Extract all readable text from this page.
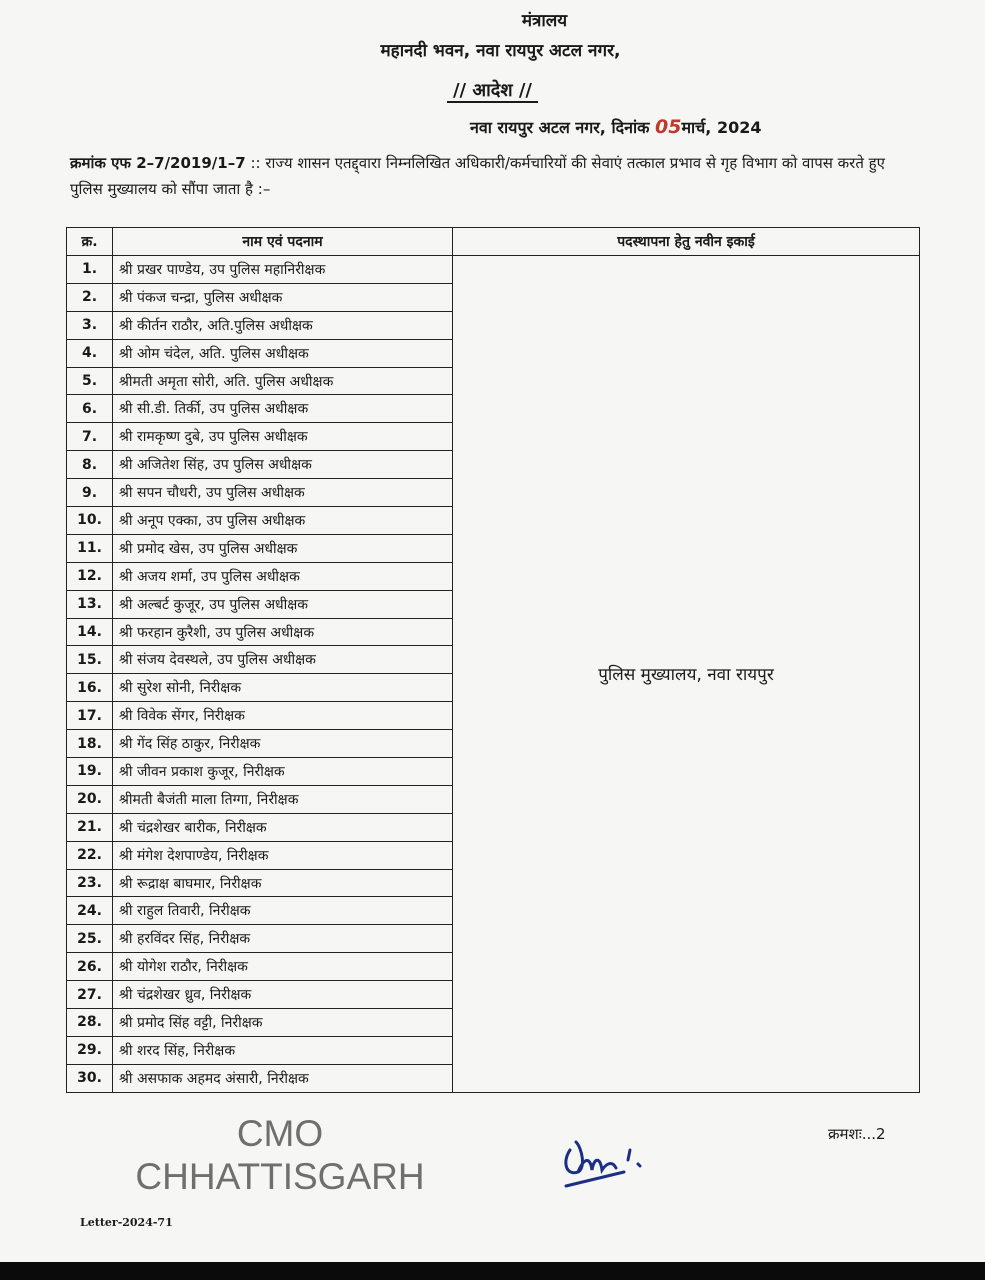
मंत्रालय
महानदी भवन, नवा रायपुर अटल नगर,
// आदेश //
नवा रायपुर अटल नगर, दिनांक 05मार्च, 2024
क्रमांक एफ 2–7/2019/1–7 :: राज्य शासन एतद्द्वारा निम्नलिखित अधिकारी/कर्मचारियों की सेवाएं तत्काल प्रभाव से गृह विभाग को वापस करते हुए पुलिस मुख्यालय को सौंपा जाता है :–
क्र.	नाम एवं पदनाम	पदस्थापना हेतु नवीन इकाई
1.	श्री प्रखर पाण्डेय, उप पुलिस महानिरीक्षक	पुलिस मुख्यालय, नवा रायपुर
2.	श्री पंकज चन्द्रा, पुलिस अधीक्षक	
3.	श्री कीर्तन राठौर, अति.पुलिस अधीक्षक	
4.	श्री ओम चंदेल, अति. पुलिस अधीक्षक	
5.	श्रीमती अमृता सोरी, अति. पुलिस अधीक्षक	
6.	श्री सी.डी. तिर्की, उप पुलिस अधीक्षक	
7.	श्री रामकृष्ण दुबे, उप पुलिस अधीक्षक	
8.	श्री अजितेश सिंह, उप पुलिस अधीक्षक	
9.	श्री सपन चौधरी, उप पुलिस अधीक्षक	
10.	श्री अनूप एक्का, उप पुलिस अधीक्षक	
11.	श्री प्रमोद खेस, उप पुलिस अधीक्षक	
12.	श्री अजय शर्मा, उप पुलिस अधीक्षक	
13.	श्री अल्बर्ट कुजूर, उप पुलिस अधीक्षक	
14.	श्री फरहान कुरैशी, उप पुलिस अधीक्षक	
15.	श्री संजय देवस्थले, उप पुलिस अधीक्षक	
16.	श्री सुरेश सोनी, निरीक्षक	
17.	श्री विवेक सेंगर, निरीक्षक	
18.	श्री गेंद सिंह ठाकुर, निरीक्षक	
19.	श्री जीवन प्रकाश कुजूर, निरीक्षक	
20.	श्रीमती बैजंती माला तिग्गा, निरीक्षक	
21.	श्री चंद्रशेखर बारीक, निरीक्षक	
22.	श्री मंगेश देशपाण्डेय, निरीक्षक	
23.	श्री रूद्राक्ष बाघमार, निरीक्षक	
24.	श्री राहुल तिवारी, निरीक्षक	
25.	श्री हरविंदर सिंह, निरीक्षक	
26.	श्री योगेश राठौर, निरीक्षक	
27.	श्री चंद्रशेखर ध्रुव, निरीक्षक	
28.	श्री प्रमोद सिंह वट्टी, निरीक्षक	
29.	श्री शरद सिंह, निरीक्षक	
30.	श्री असफाक अहमद अंसारी, निरीक्षक	
CMO
CHHATTISGARH
क्रमशः...2
Letter-2024-71
